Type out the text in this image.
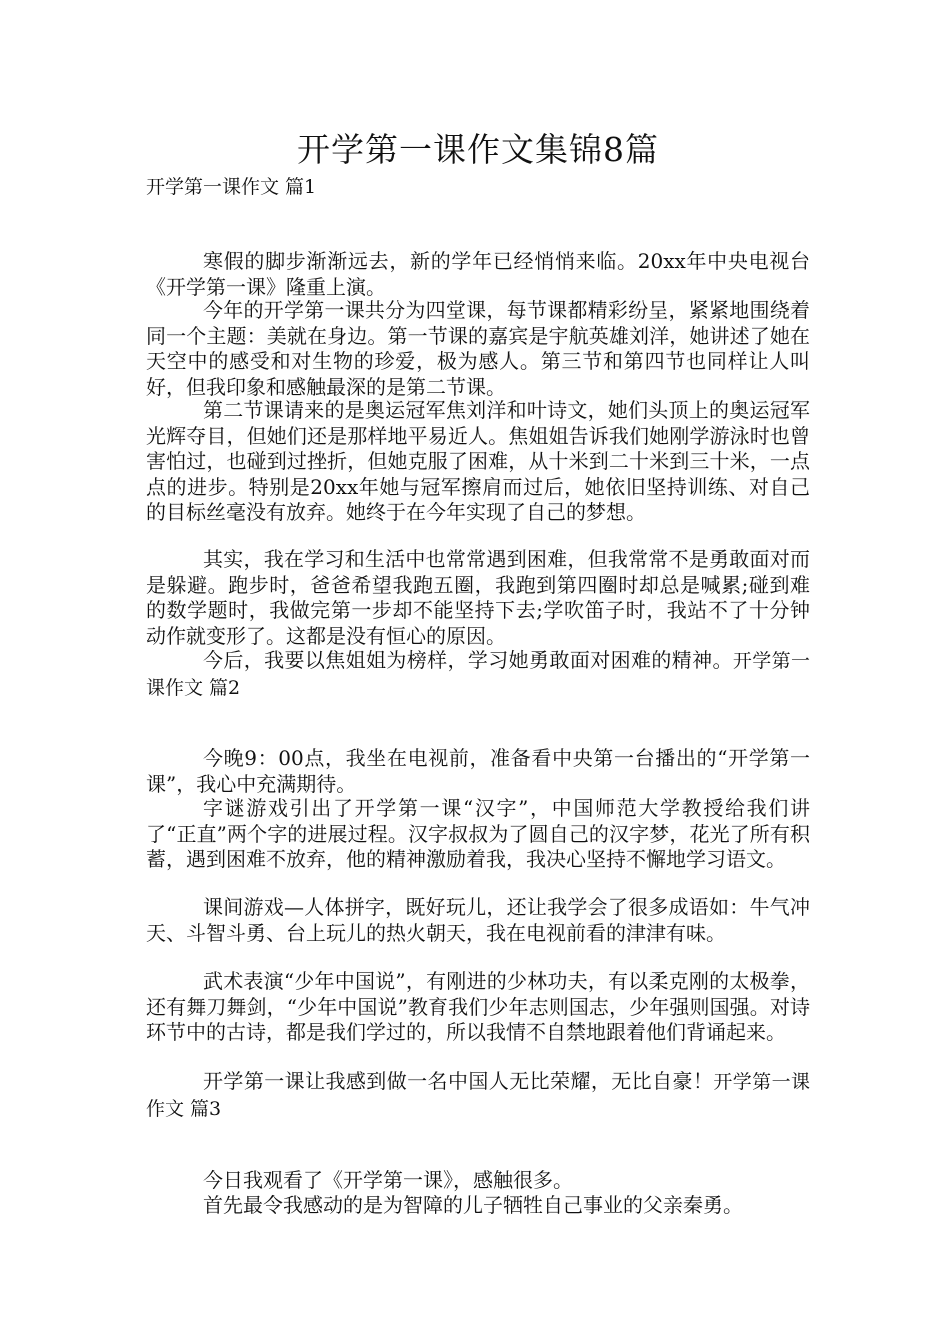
开学第一课作文集锦8篇
开学第一课作文 篇1

寒假的脚步渐渐远去，新的学年已经悄悄来临。20xx年中央电视台《开学第一课》隆重上演。

今年的开学第一课共分为四堂课，每节课都精彩纷呈，紧紧地围绕着同一个主题：美就在身边。第一节课的嘉宾是宇航英雄刘洋，她讲述了她在天空中的感受和对生物的珍爱，极为感人。第三节和第四节也同样让人叫好，但我印象和感触最深的是第二节课。

第二节课请来的是奥运冠军焦刘洋和叶诗文，她们头顶上的奥运冠军光辉夺目，但她们还是那样地平易近人。焦姐姐告诉我们她刚学游泳时也曾害怕过，也碰到过挫折，但她克服了困难，从十米到二十米到三十米，一点点的进步。特别是20xx年她与冠军擦肩而过后，她依旧坚持训练、对自己的目标丝毫没有放弃。她终于在今年实现了自己的梦想。

其实，我在学习和生活中也常常遇到困难，但我常常不是勇敢面对而是躲避。跑步时，爸爸希望我跑五圈，我跑到第四圈时却总是喊累;碰到难的数学题时，我做完第一步却不能坚持下去;学吹笛子时，我站不了十分钟动作就变形了。这都是没有恒心的原因。

今后，我要以焦姐姐为榜样，学习她勇敢面对困难的精神。开学第一课作文 篇2

今晚9：00点，我坐在电视前，准备看中央第一台播出的“开学第一课”，我心中充满期待。

字谜游戏引出了开学第一课“汉字”，中国师范大学教授给我们讲了“正直”两个字的进展过程。汉字叔叔为了圆自己的汉字梦，花光了所有积蓄，遇到困难不放弃，他的精神激励着我，我决心坚持不懈地学习语文。

课间游戏—人体拼字，既好玩儿，还让我学会了很多成语如：牛气冲天、斗智斗勇、台上玩儿的热火朝天，我在电视前看的津津有味。

武术表演“少年中国说”，有刚进的少林功夫，有以柔克刚的太极拳，还有舞刀舞剑，“少年中国说”教育我们少年志则国志，少年强则国强。对诗环节中的古诗，都是我们学过的，所以我情不自禁地跟着他们背诵起来。

开学第一课让我感到做一名中国人无比荣耀，无比自豪！开学第一课作文 篇3

今日我观看了《开学第一课》，感触很多。

首先最令我感动的是为智障的儿子牺牲自己事业的父亲秦勇。
